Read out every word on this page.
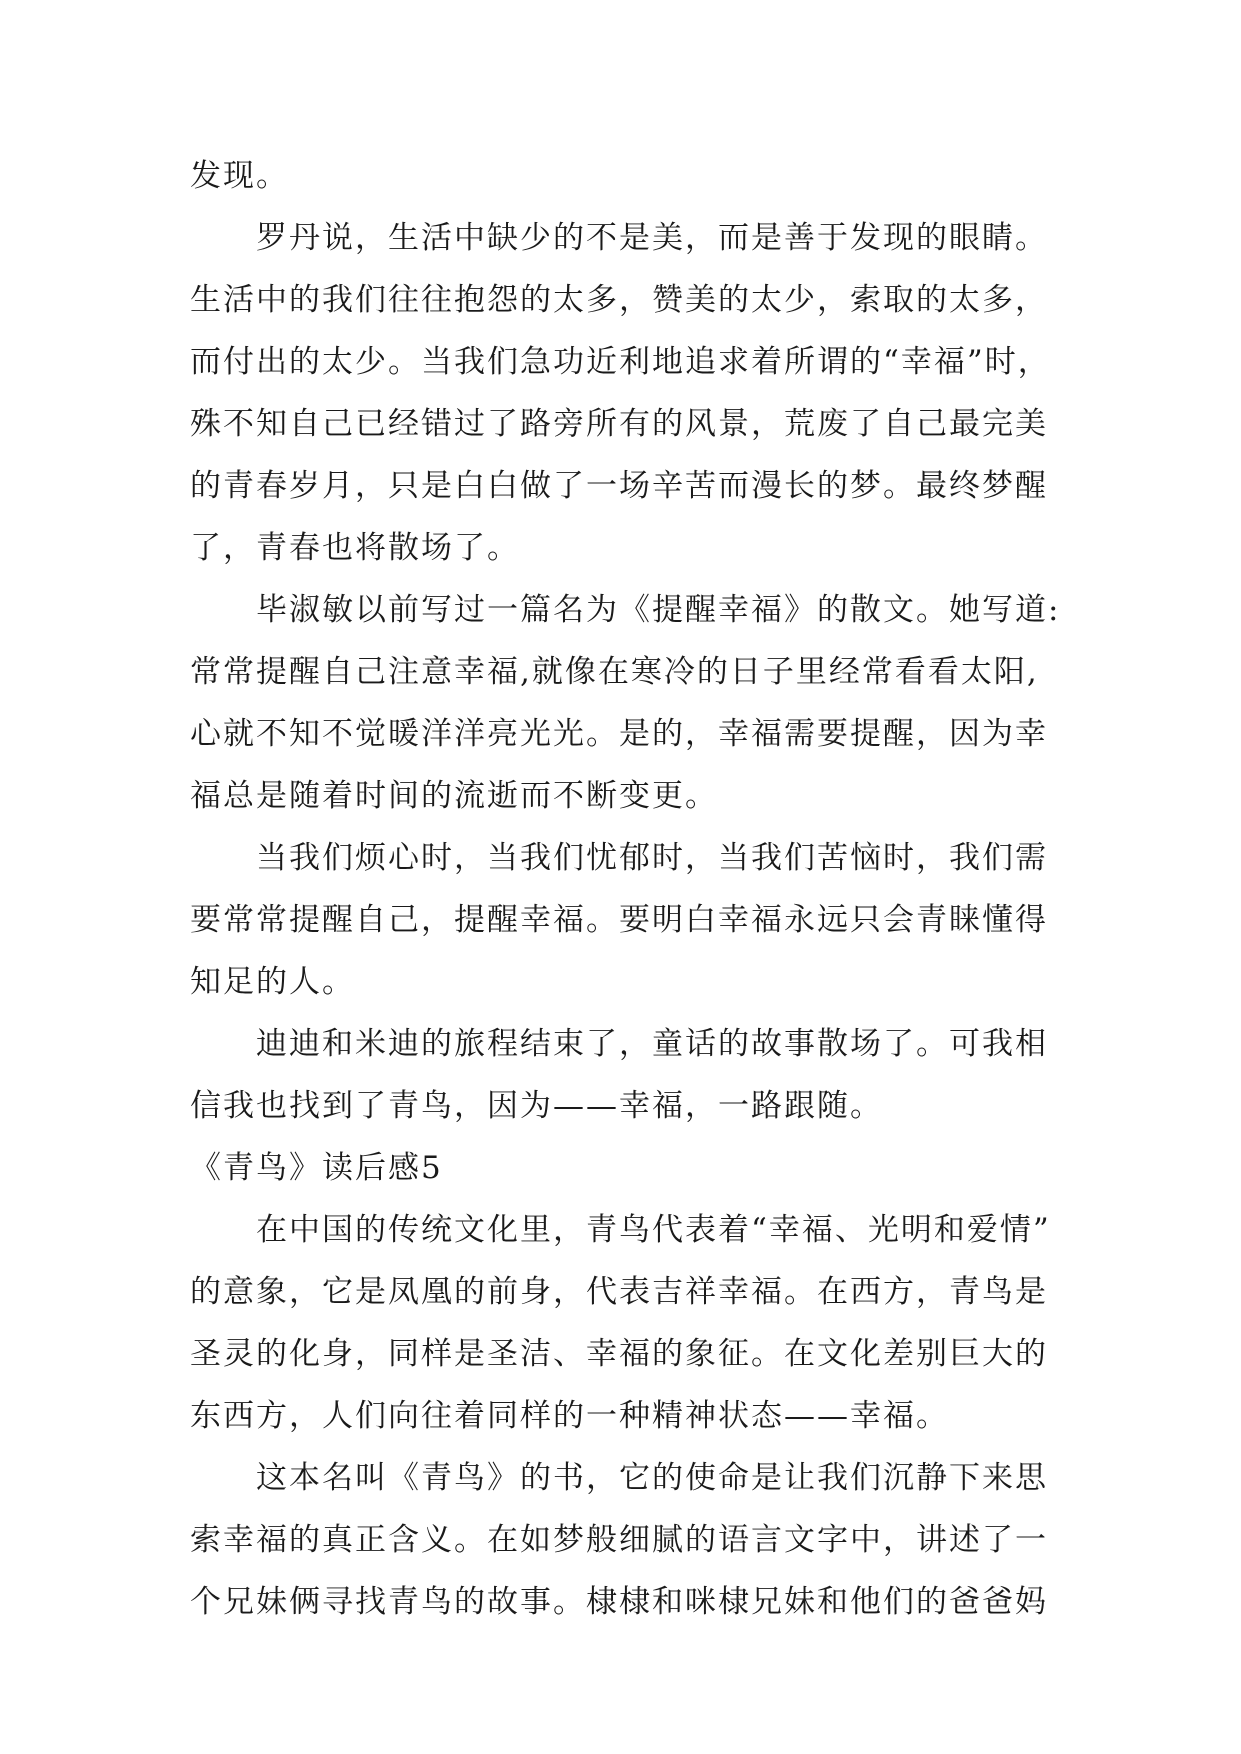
发现。
罗丹说，生活中缺少的不是美，而是善于发现的眼睛。
生活中的我们往往抱怨的太多，赞美的太少，索取的太多，
而付出的太少。当我们急功近利地追求着所谓的“幸福”时，
殊不知自己已经错过了路旁所有的风景，荒废了自己最完美
的青春岁月，只是白白做了一场辛苦而漫长的梦。最终梦醒
了，青春也将散场了。
毕淑敏以前写过一篇名为《提醒幸福》的散文。她写道:
常常提醒自己注意幸福,就像在寒冷的日子里经常看看太阳,
心就不知不觉暖洋洋亮光光。是的，幸福需要提醒，因为幸
福总是随着时间的流逝而不断变更。
当我们烦心时，当我们忧郁时，当我们苦恼时，我们需
要常常提醒自己，提醒幸福。要明白幸福永远只会青睐懂得
知足的人。
迪迪和米迪的旅程结束了，童话的故事散场了。可我相
信我也找到了青鸟，因为——幸福，一路跟随。
《青鸟》读后感5
在中国的传统文化里，青鸟代表着“幸福、光明和爱情”
的意象，它是凤凰的前身，代表吉祥幸福。在西方，青鸟是
圣灵的化身，同样是圣洁、幸福的象征。在文化差别巨大的
东西方，人们向往着同样的一种精神状态——幸福。
这本名叫《青鸟》的书，它的使命是让我们沉静下来思
索幸福的真正含义。在如梦般细腻的语言文字中，讲述了一
个兄妹俩寻找青鸟的故事。棣棣和咪棣兄妹和他们的爸爸妈
